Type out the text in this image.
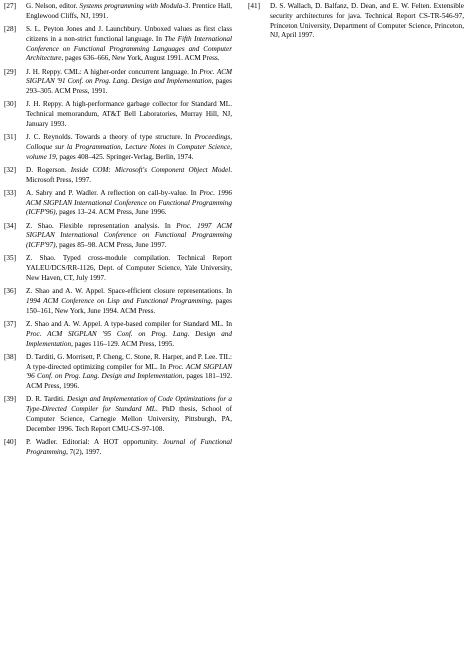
[27] G. Nelson, editor. Systems programming with Modula-3. Prentice Hall, Englewood Cliffs, NJ, 1991.
[28] S. L. Peyton Jones and J. Launchbury. Unboxed values as first class citizens in a non-strict functional language. In The Fifth International Conference on Functional Programming Languages and Computer Architecture, pages 636–666, New York, August 1991. ACM Press.
[29] J. H. Reppy. CML: A higher-order concurrent language. In Proc. ACM SIGPLAN '91 Conf. on Prog. Lang. Design and Implementation, pages 293–305. ACM Press, 1991.
[30] J. H. Reppy. A high-performance garbage collector for Standard ML. Technical memorandum, AT&T Bell Laboratories, Murray Hill, NJ, January 1993.
[31] J. C. Reynolds. Towards a theory of type structure. In Proceedings, Colloque sur la Programmation, Lecture Notes in Computer Science, volume 19, pages 408–425. Springer-Verlag, Berlin, 1974.
[32] D. Rogerson. Inside COM: Microsoft's Component Object Model. Microsoft Press, 1997.
[33] A. Sabry and P. Wadler. A reflection on call-by-value. In Proc. 1996 ACM SIGPLAN International Conference on Functional Programming (ICFP'96), pages 13–24. ACM Press, June 1996.
[34] Z. Shao. Flexible representation analysis. In Proc. 1997 ACM SIGPLAN International Conference on Functional Programming (ICFP'97), pages 85–98. ACM Press, June 1997.
[35] Z. Shao. Typed cross-module compilation. Technical Report YALEU/DCS/RR-1126, Dept. of Computer Science, Yale University, New Haven, CT, July 1997.
[36] Z. Shao and A. W. Appel. Space-efficient closure representations. In 1994 ACM Conference on Lisp and Functional Programming, pages 150–161, New York, June 1994. ACM Press.
[37] Z. Shao and A. W. Appel. A type-based compiler for Standard ML. In Proc. ACM SIGPLAN '95 Conf. on Prog. Lang. Design and Implementation, pages 116–129. ACM Press, 1995.
[38] D. Tarditi, G. Morrisett, P. Cheng, C. Stone, R. Harper, and P. Lee. TIL: A type-directed optimizing compiler for ML. In Proc. ACM SIGPLAN '96 Conf. on Prog. Lang. Design and Implementation, pages 181–192. ACM Press, 1996.
[39] D. R. Tarditi. Design and Implementation of Code Optimizations for a Type-Directed Compiler for Standard ML. PhD thesis, School of Computer Science, Carnegie Mellon University, Pittsburgh, PA, December 1996. Tech Report CMU-CS-97-108.
[40] P. Wadler. Editorial: A HOT opportunity. Journal of Functional Programming, 7(2), 1997.
[41] D. S. Wallach, D. Balfanz, D. Dean, and E. W. Felten. Extensible security architectures for java. Technical Report CS-TR-546-97, Princeton University, Department of Computer Science, Princeton, NJ, April 1997.
